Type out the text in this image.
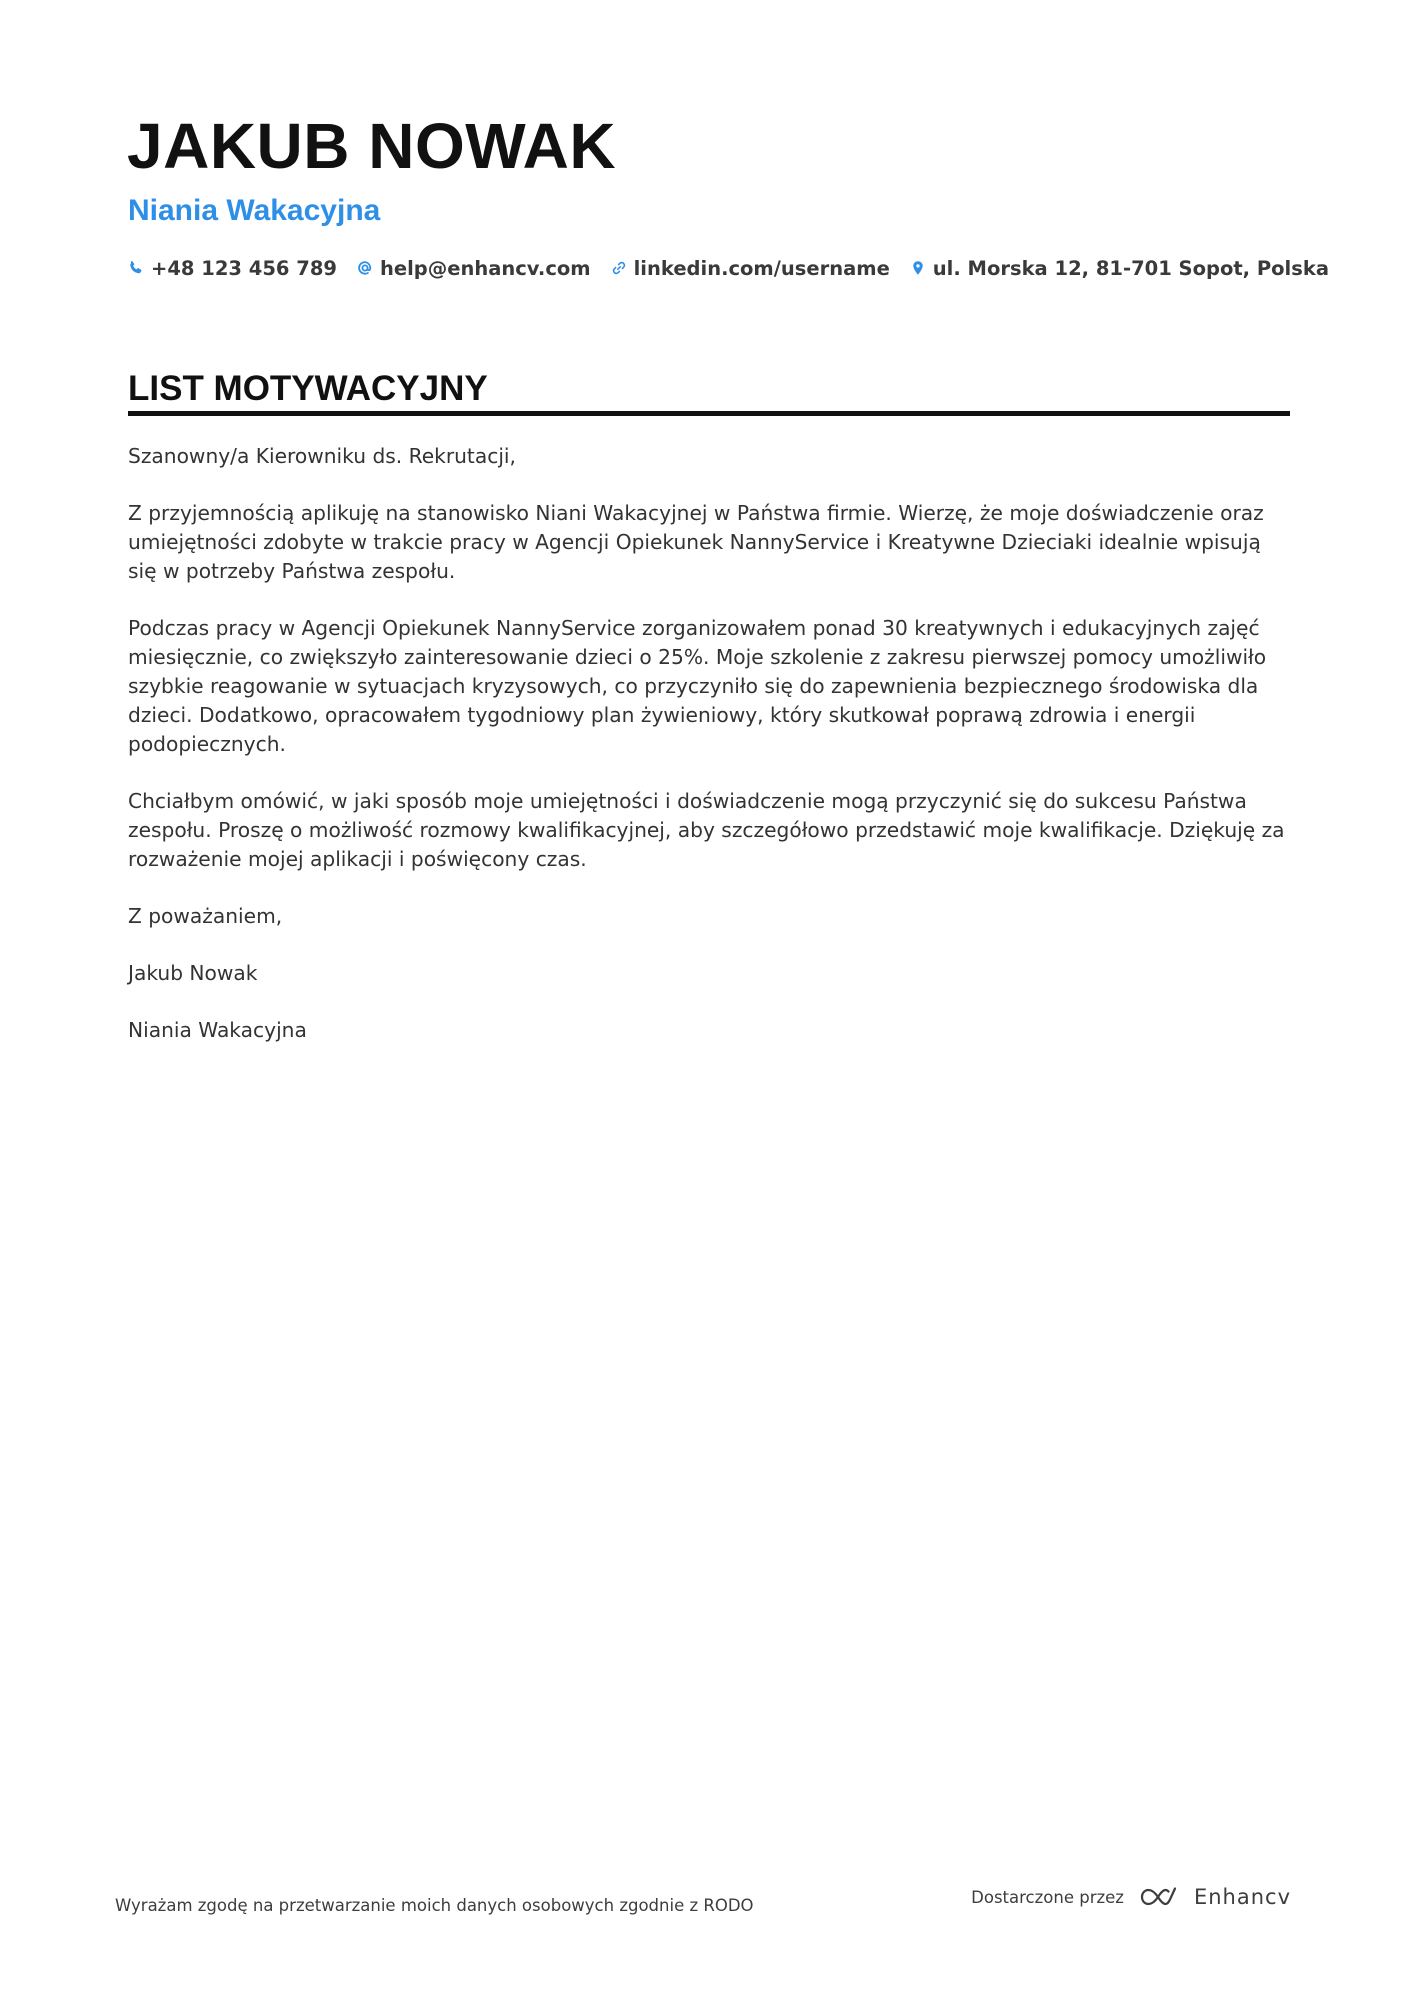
JAKUB NOWAK
Niania Wakacyjna
+48 123 456 789 help@enhancv.com linkedin.com/username ul. Morska 12, 81-701 Sopot, Polska
LIST MOTYWACYJNY

Szanowny/a Kierowniku ds. Rekrutacji,

Z przyjemnością aplikuję na stanowisko Niani Wakacyjnej w Państwa firmie. Wierzę, że moje doświadczenie oraz umiejętności zdobyte w trakcie pracy w Agencji Opiekunek NannyService i Kreatywne Dzieciaki idealnie wpisują się w potrzeby Państwa zespołu.

Podczas pracy w Agencji Opiekunek NannyService zorganizowałem ponad 30 kreatywnych i edukacyjnych zajęć miesięcznie, co zwiększyło zainteresowanie dzieci o 25%. Moje szkolenie z zakresu pierwszej pomocy umożliwiło szybkie reagowanie w sytuacjach kryzysowych, co przyczyniło się do zapewnienia bezpiecznego środowiska dla dzieci. Dodatkowo, opracowałem tygodniowy plan żywieniowy, który skutkował poprawą zdrowia i energii podopiecznych.

Chciałbym omówić, w jaki sposób moje umiejętności i doświadczenie mogą przyczynić się do sukcesu Państwa zespołu. Proszę o możliwość rozmowy kwalifikacyjnej, aby szczegółowo przedstawić moje kwalifikacje. Dziękuję za rozważenie mojej aplikacji i poświęcony czas.

Z poważaniem,

Jakub Nowak

Niania Wakacyjna

Wyrażam zgodę na przetwarzanie moich danych osobowych zgodnie z RODO	Dostarczone przez	Enhancv
